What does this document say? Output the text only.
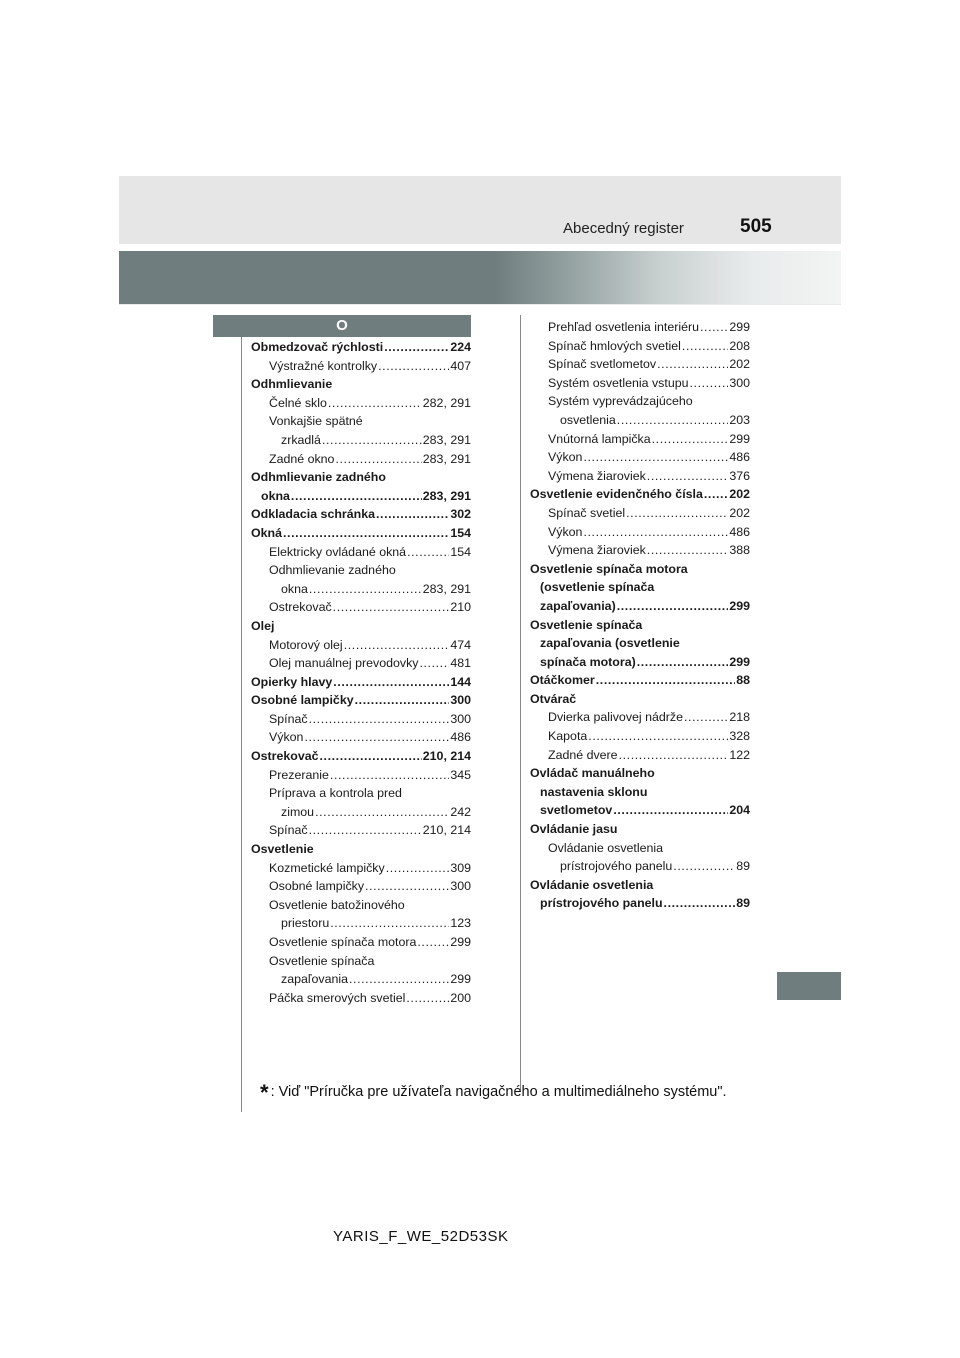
Abecedný register	505
O
Obmedzovač rýchlosti .....	224
Výstražné kontrolky .....	407
Odhmlievanie
Čelné sklo .....	282, 291
Vonkajšie spätné
zrkadlá .....	283, 291
Zadné okno .....	283, 291
Odhmlievanie zadného
okna .....	283, 291
Odkladacia schránka .....	302
Okná .....	154
Elektricky ovládané okná .....	154
Odhmlievanie zadného
okna .....	283, 291
Ostrekovač .....	210
Olej
Motorový olej .....	474
Olej manuálnej prevodovky .....	481
Opierky hlavy .....	144
Osobné lampičky .....	300
Spínač .....	300
Výkon .....	486
Ostrekovač .....	210, 214
Prezeranie .....	345
Príprava a kontrola pred
zimou .....	242
Spínač .....	210, 214
Osvetlenie
Kozmetické lampičky .....	309
Osobné lampičky .....	300
Osvetlenie batožinového
priestoru .....	123
Osvetlenie spínača motora .....	299
Osvetlenie spínača
zapaľovania .....	299
Páčka smerových svetiel .....	200
Prehľad osvetlenia interiéru ..... 299
Spínač hmlových svetiel .....	208
Spínač svetlometov .....	202
Systém osvetlenia vstupu .....	300
Systém vyprevádzajúceho
osvetlenia .....	203
Vnútorná lampička .....	299
Výkon .....	486
Výmena žiaroviek .....	376
Osvetlenie evidenčného čísla ..... 202
Spínač svetiel .....	202
Výkon .....	486
Výmena žiaroviek .....	388
Osvetlenie spínača motora
(osvetlenie spínača
zapaľovania) .....	299
Osvetlenie spínača
zapaľovania (osvetlenie
spínača motora) .....	299
Otáčkomer .....	88
Otvárač
Dvierka palivovej nádrže .....	218
Kapota .....	328
Zadné dvere .....	122
Ovládač manuálneho
nastavenia sklonu
svetlometov .....	204
Ovládanie jasu
Ovládanie osvetlenia
prístrojového panelu .....	89
Ovládanie osvetlenia
prístrojového panelu .....	89
* : Viď "Príručka pre užívateľa navigačného a multimediálneho systému".
YARIS_F_WE_52D53SK
